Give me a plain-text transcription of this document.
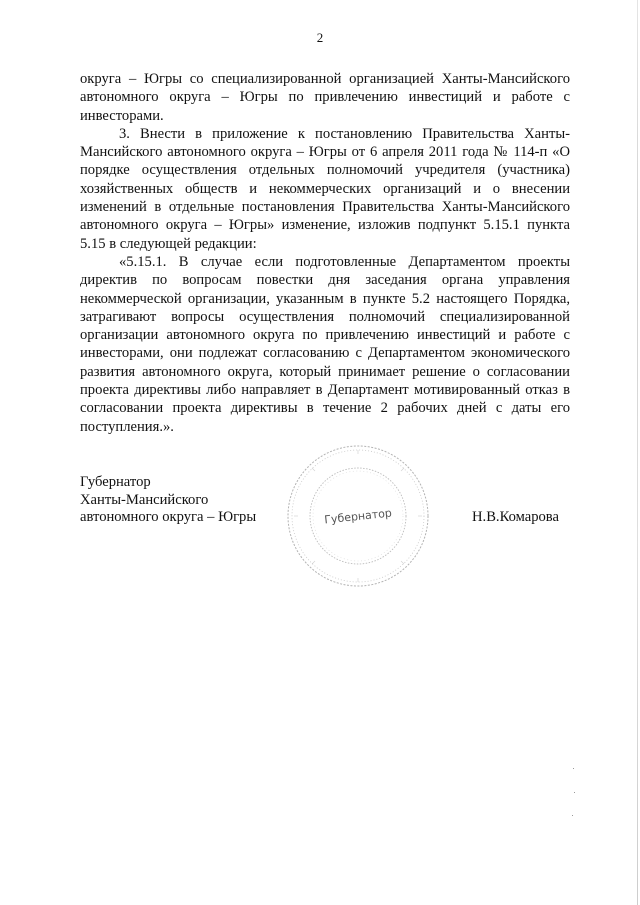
2

округа – Югры со специализированной организацией Ханты-Мансийского автономного округа – Югры по привлечению инвестиций и работе с инвесторами.

3. Внести в приложение к постановлению Правительства Ханты-Мансийского автономного округа – Югры от 6 апреля 2011 года № 114-п «О порядке осуществления отдельных полномочий учредителя (участника) хозяйственных обществ и некоммерческих организаций и о внесении изменений в отдельные постановления Правительства Ханты-Мансийского автономного округа – Югры» изменение, изложив подпункт 5.15.1 пункта 5.15 в следующей редакции:

«5.15.1. В случае если подготовленные Департаментом проекты директив по вопросам повестки дня заседания органа управления некоммерческой организации, указанным в пункте 5.2 настоящего Порядка, затрагивают вопросы осуществления полномочий специализированной организации автономного округа по привлечению инвестиций и работе с инвесторами, они подлежат согласованию с Департаментом экономического развития автономного округа, который принимает решение о согласовании проекта директивы либо направляет в Департамент мотивированный отказ в согласовании проекта директивы в течение 2 рабочих дней с даты его поступления.».

Губернатор
Ханты-Мансийского
автономного округа – Югры	Губернатор	Н.В.Комарова
